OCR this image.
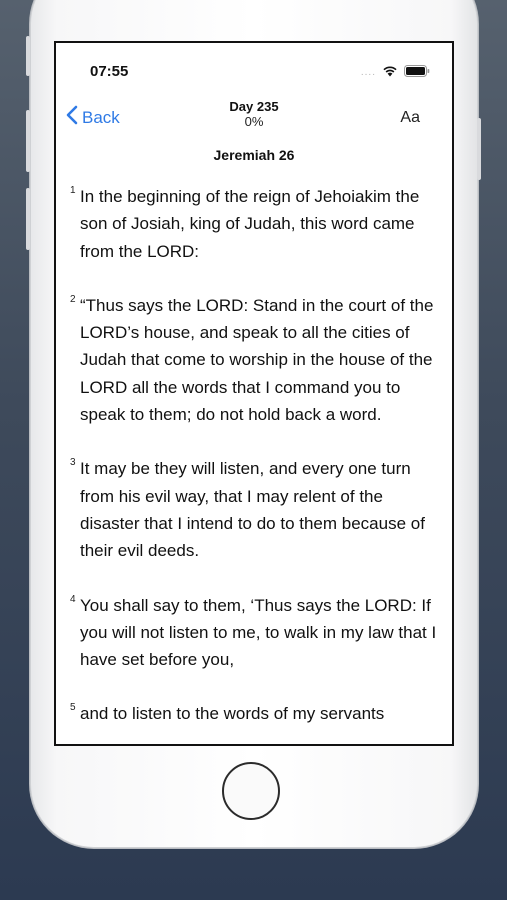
07:55	....
Back
Day 235
0%	Aa
Jeremiah 26
1 In the beginning of the reign of Jehoiakim the son of Josiah, king of Judah, this word came from the LORD:
2 “Thus says the LORD: Stand in the court of the LORD’s house, and speak to all the cities of Judah that come to worship in the house of the LORD all the words that I command you to speak to them; do not hold back a word.
3 It may be they will listen, and every one turn from his evil way, that I may relent of the disaster that I intend to do to them because of their evil deeds.
4 You shall say to them, ‘Thus says the LORD: If you will not listen to me, to walk in my law that I have set before you,
5 and to listen to the words of my servants
